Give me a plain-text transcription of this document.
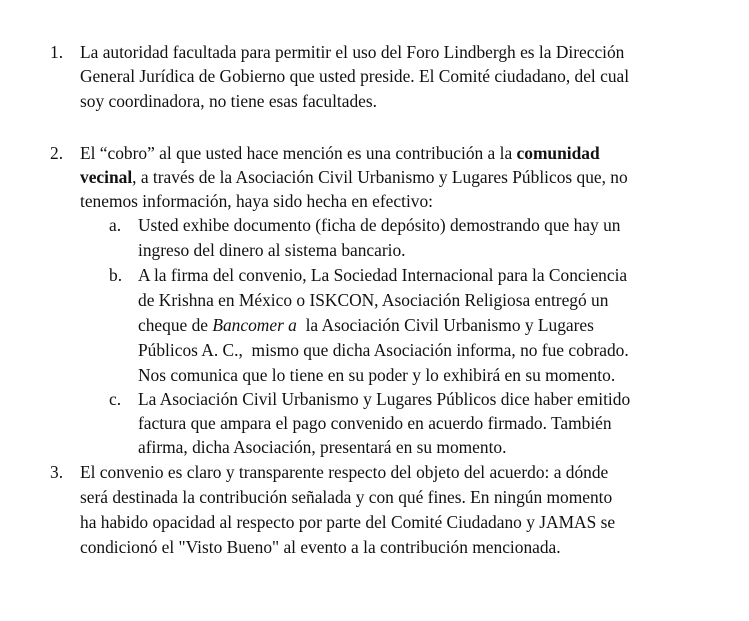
1. La autoridad facultada para permitir el uso del Foro Lindbergh es la Dirección
General Jurídica de Gobierno que usted preside. El Comité ciudadano, del cual
soy coordinadora, no tiene esas facultades.
2. El “cobro” al que usted hace mención es una contribución a la comunidad
vecinal, a través de la Asociación Civil Urbanismo y Lugares Públicos que, no
tenemos información, haya sido hecha en efectivo:
a. Usted exhibe documento (ficha de depósito) demostrando que hay un
ingreso del dinero al sistema bancario.
b. A la firma del convenio, La Sociedad Internacional para la Conciencia
de Krishna en México o ISKCON, Asociación Religiosa entregó un
cheque de Bancomer a  la Asociación Civil Urbanismo y Lugares
Públicos A. C.,  mismo que dicha Asociación informa, no fue cobrado.
Nos comunica que lo tiene en su poder y lo exhibirá en su momento.
c. La Asociación Civil Urbanismo y Lugares Públicos dice haber emitido
factura que ampara el pago convenido en acuerdo firmado. También
afirma, dicha Asociación, presentará en su momento.
3. El convenio es claro y transparente respecto del objeto del acuerdo: a dónde
será destinada la contribución señalada y con qué fines. En ningún momento
ha habido opacidad al respecto por parte del Comité Ciudadano y JAMAS se
condicionó el "Visto Bueno" al evento a la contribución mencionada.
